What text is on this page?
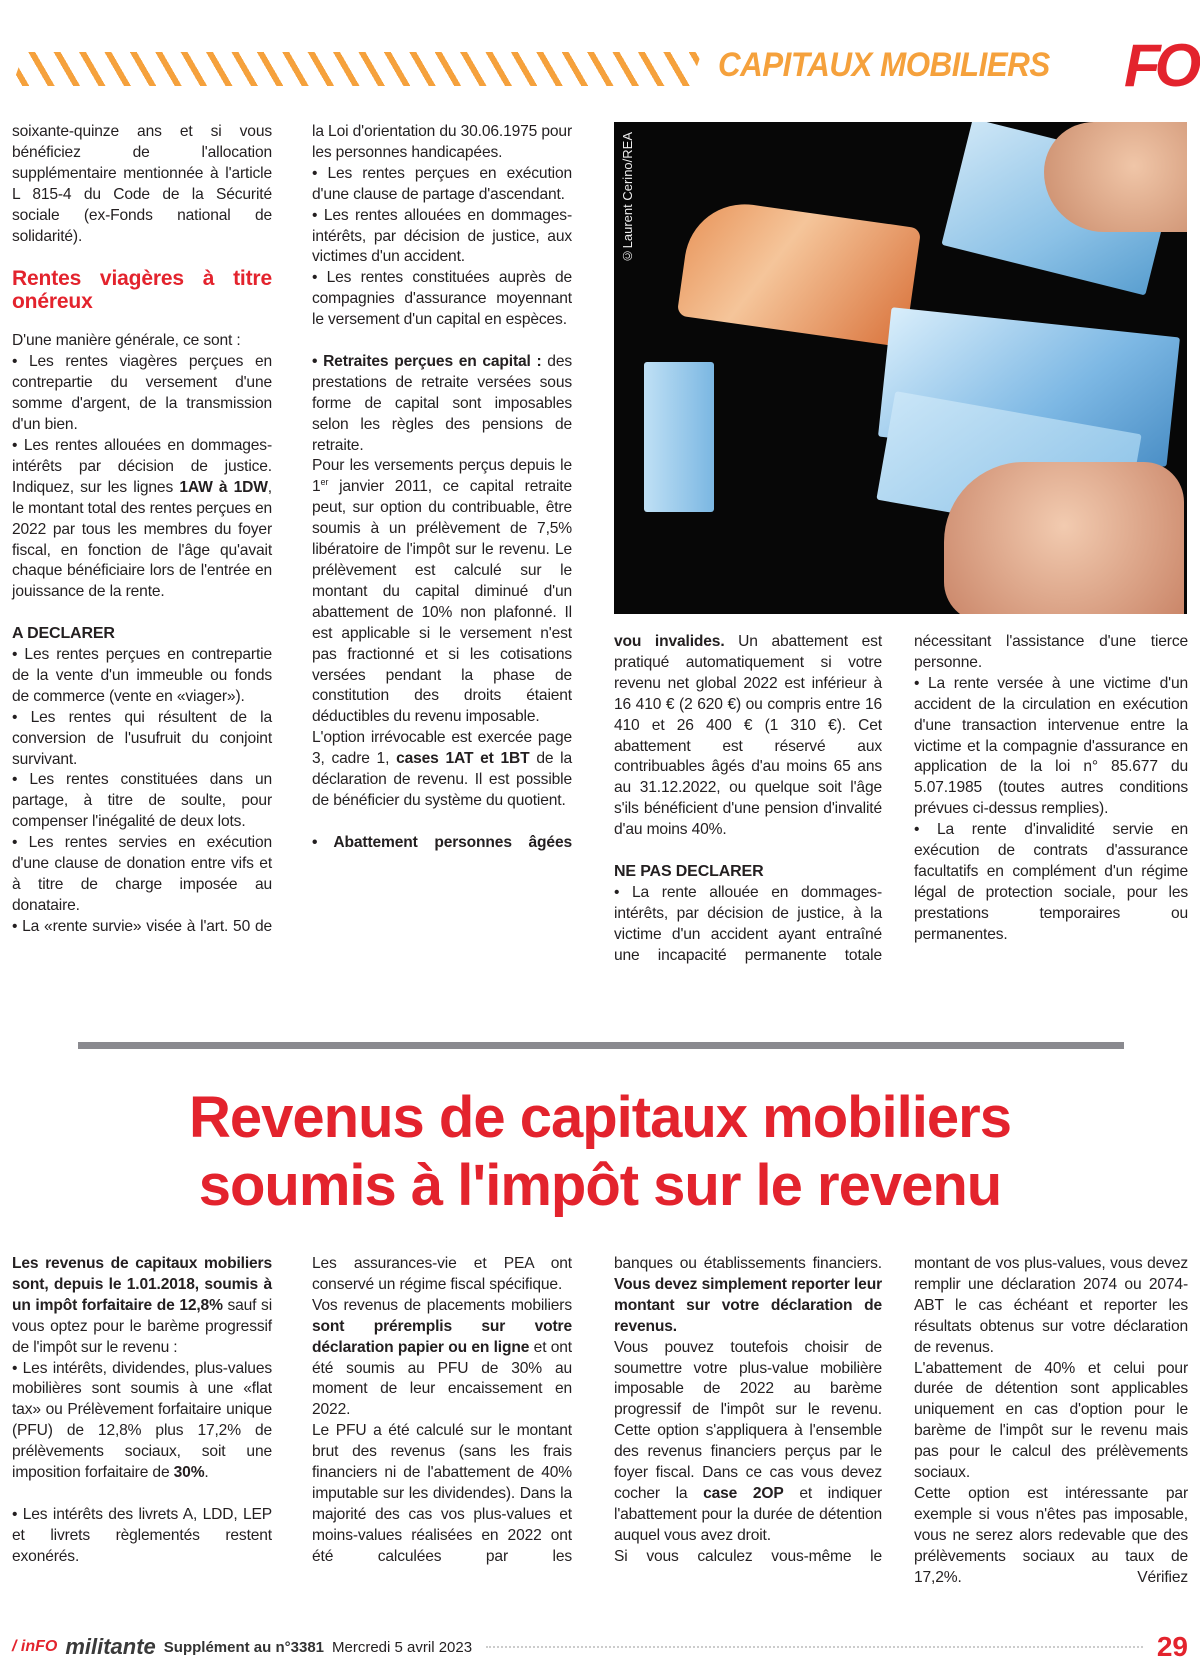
CAPITAUX MOBILIERS FO

soixante-quinze ans et si vous bénéficiez de l'allocation supplémentaire mentionnée à l'article L 815-4 du Code de la Sécurité sociale (ex-Fonds national de solidarité).

Rentes viagères à titre onéreux

D'une manière générale, ce sont :

• Les rentes viagères perçues en contrepartie du versement d'une somme d'argent, de la transmission d'un bien.

• Les rentes allouées en dommages- intérêts par décision de justice. Indiquez, sur les lignes 1AW à 1DW, le montant total des rentes perçues en 2022 par tous les membres du foyer fiscal, en fonction de l'âge qu'avait chaque bénéficiaire lors de l'entrée en jouissance de la rente.

A DECLARER

• Les rentes perçues en contrepartie de la vente d'un immeuble ou fonds de commerce (vente en «viager»).

• Les rentes qui résultent de la conversion de l'usufruit du conjoint survivant.

• Les rentes constituées dans un partage, à titre de soulte, pour compenser l'inégalité de deux lots.

• Les rentes servies en exécution d'une clause de donation entre vifs et à titre de charge imposée au donataire.

• La «rente survie» visée à l'art. 50 de

la Loi d'orientation du 30.06.1975 pour les personnes handicapées.

• Les rentes perçues en exécution d'une clause de partage d'ascendant.

• Les rentes allouées en dommages-intérêts, par décision de justice, aux victimes d'un accident.

• Les rentes constituées auprès de compagnies d'assurance moyennant le versement d'un capital en espèces.

• Retraites perçues en capital : des prestations de retraite versées sous forme de capital sont imposables selon les règles des pensions de retraite.

Pour les versements perçus depuis le 1er janvier 2011, ce capital retraite peut, sur option du contribuable, être soumis à un prélèvement de 7,5% libératoire de l'impôt sur le revenu. Le prélèvement est calculé sur le montant du capital diminué d'un abattement de 10% non plafonné. Il est applicable si le versement n'est pas fractionné et si les cotisations versées pendant la phase de constitution des droits étaient déductibles du revenu imposable.

L'option irrévocable est exercée page 3, cadre 1, cases 1AT et 1BT de la déclaration de revenu. Il est possible de bénéficier du système du quotient.

• Abattement personnes âgées

©Laurent Cerino/REA

vou invalides. Un abattement est pratiqué automatiquement si votre revenu net global 2022 est inférieur à 16 410 € (2 620 €) ou compris entre 16 410 et 26 400 € (1 310 €). Cet abattement est réservé aux contribuables âgés d'au moins 65 ans au 31.12.2022, ou quelque soit l'âge s'ils bénéficient d'une pension d'invalité d'au moins 40%.

NE PAS DECLARER

• La rente allouée en dommages-intérêts, par décision de justice, à la victime d'un accident ayant entraîné une incapacité permanente totale

nécessitant l'assistance d'une tierce personne.

• La rente versée à une victime d'un accident de la circulation en exécution d'une transaction intervenue entre la victime et la compagnie d'assurance en application de la loi n° 85.677 du 5.07.1985 (toutes autres conditions prévues ci-dessus remplies).

• La rente d'invalidité servie en exécution de contrats d'assurance facultatifs en complément d'un régime légal de protection sociale, pour les prestations temporaires ou permanentes.

Revenus de capitaux mobiliers
soumis à l'impôt sur le revenu

Les revenus de capitaux mobiliers sont, depuis le 1.01.2018, soumis à un impôt forfaitaire de 12,8% sauf si vous optez pour le barème progressif de l'impôt sur le revenu :

• Les intérêts, dividendes, plus-values mobilières sont soumis à une «flat tax» ou Prélèvement forfaitaire unique (PFU) de 12,8% plus 17,2% de prélèvements sociaux, soit une imposition forfaitaire de 30%.

• Les intérêts des livrets A, LDD, LEP et livrets règlementés restent exonérés.

Les assurances-vie et PEA ont conservé un régime fiscal spécifique.

Vos revenus de placements mobiliers sont préremplis sur votre déclaration papier ou en ligne et ont été soumis au PFU de 30% au moment de leur encaissement en 2022.

Le PFU a été calculé sur le montant brut des revenus (sans les frais financiers ni de l'abattement de 40% imputable sur les dividendes). Dans la majorité des cas vos plus-values et moins-values réalisées en 2022 ont été calculées par les

banques ou établissements financiers. Vous devez simplement reporter leur montant sur votre déclaration de revenus.

Vous pouvez toutefois choisir de soumettre votre plus-value mobilière imposable de 2022 au barème progressif de l'impôt sur le revenu. Cette option s'appliquera à l'ensemble des revenus financiers perçus par le foyer fiscal. Dans ce cas vous devez cocher la case 2OP et indiquer l'abattement pour la durée de détention auquel vous avez droit.

Si vous calculez vous-même le

montant de vos plus-values, vous devez remplir une déclaration 2074 ou 2074-ABT le cas échéant et reporter les résultats obtenus sur votre déclaration de revenus.

L'abattement de 40% et celui pour durée de détention sont applicables uniquement en cas d'option pour le barème de l'impôt sur le revenu mais pas pour le calcul des prélèvements sociaux.

Cette option est intéressante par exemple si vous n'êtes pas imposable, vous ne serez alors redevable que des prélèvements sociaux au taux de 17,2%. Vérifiez

/ inFO militante Supplément au n°3381 Mercredi 5 avril 2023	29
